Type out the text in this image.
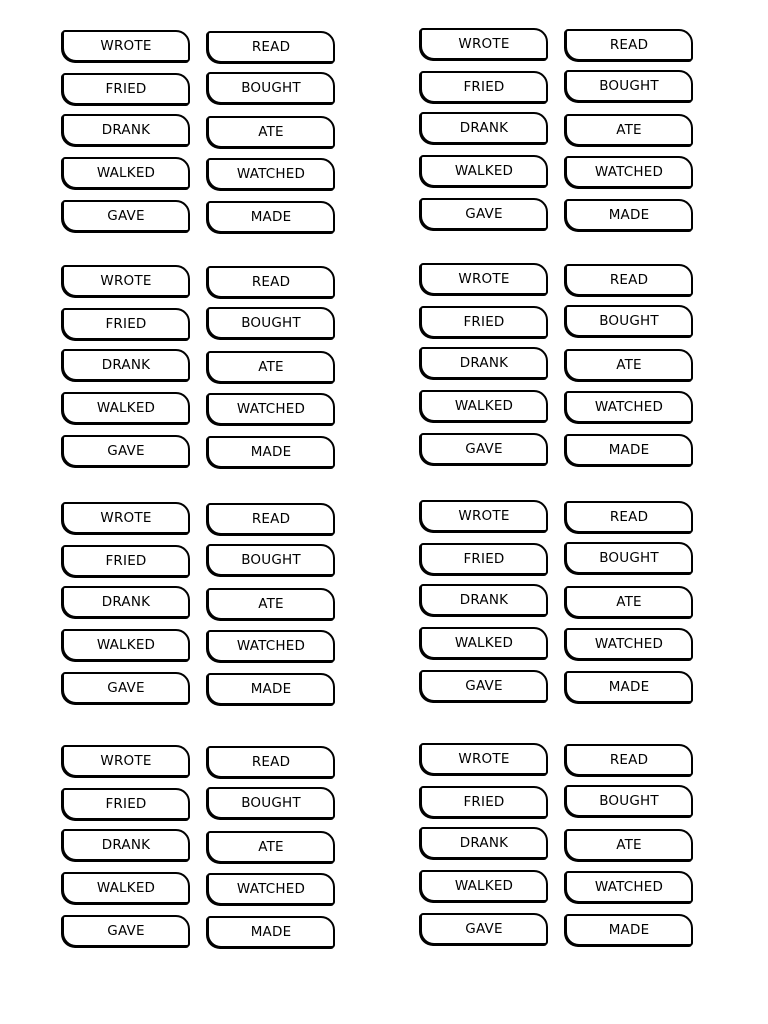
WROTE	READ
FRIED	BOUGHT
DRANK	ATE
WALKED	WATCHED
GAVE	MADE
WROTE	READ
FRIED	BOUGHT
DRANK	ATE
WALKED	WATCHED
GAVE	MADE
WROTE	READ
FRIED	BOUGHT
DRANK	ATE
WALKED	WATCHED
GAVE	MADE
WROTE	READ
FRIED	BOUGHT
DRANK	ATE
WALKED	WATCHED
GAVE	MADE
WROTE	READ
FRIED	BOUGHT
DRANK	ATE
WALKED	WATCHED
GAVE	MADE
WROTE	READ
FRIED	BOUGHT
DRANK	ATE
WALKED	WATCHED
GAVE	MADE
WROTE	READ
FRIED	BOUGHT
DRANK	ATE
WALKED	WATCHED
GAVE	MADE
WROTE	READ
FRIED	BOUGHT
DRANK	ATE
WALKED	WATCHED
GAVE	MADE
